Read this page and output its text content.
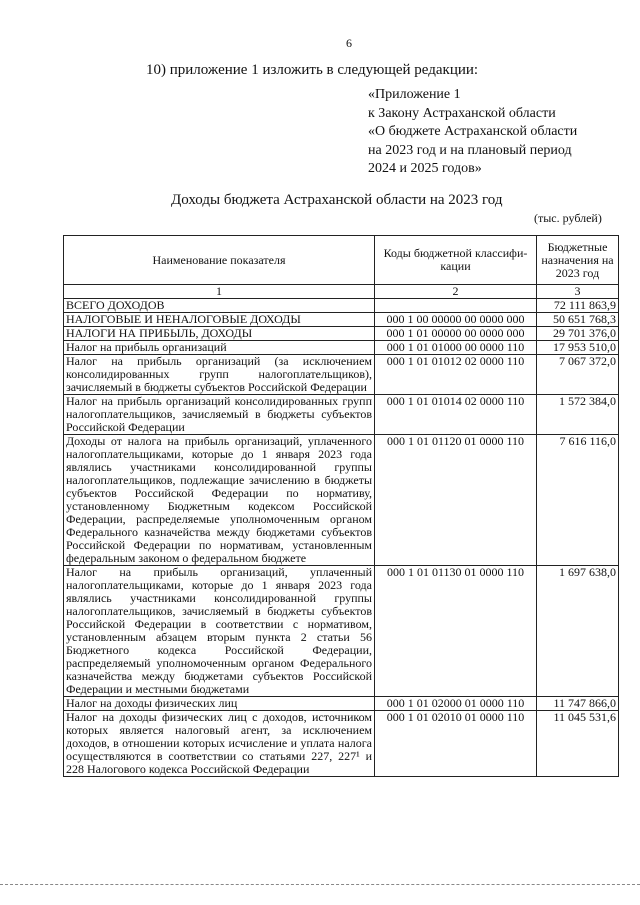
6
10) приложение 1 изложить в следующей редакции:
«Приложение 1
к Закону Астраханской области
«О бюджете Астраханской области
на 2023 год и на плановый период
2024 и 2025 годов»
Доходы бюджета Астраханской области на 2023 год
(тыс. рублей)
Наименование показателя	Коды бюджетной классифи-кации	Бюджетные назначения на 2023 год
1	2	3
ВСЕГО ДОХОДОВ		72 111 863,9
НАЛОГОВЫЕ И НЕНАЛОГОВЫЕ ДОХОДЫ	000 1 00 00000 00 0000 000	50 651 768,3
НАЛОГИ НА ПРИБЫЛЬ, ДОХОДЫ	000 1 01 00000 00 0000 000	29 701 376,0
Налог на прибыль организаций	000 1 01 01000 00 0000 110	17 953 510,0
Налог на прибыль организаций (за исключением консолидированных групп налогоплательщиков), зачисляемый в бюджеты субъектов Российской Федерации	000 1 01 01012 02 0000 110	7 067 372,0
Налог на прибыль организаций консолидированных групп налогоплательщиков, зачисляемый в бюджеты субъектов Российской Федерации	000 1 01 01014 02 0000 110	1 572 384,0
Доходы от налога на прибыль организаций, уплаченного налогоплательщиками, которые до 1 января 2023 года являлись участниками консолидированной группы налогоплательщиков, подлежащие зачислению в бюджеты субъектов Российской Федерации по нормативу, установленному Бюджетным кодексом Российской Федерации, распределяемые уполномоченным органом Федерального казначейства между бюджетами субъектов Российской Федерации по нормативам, установленным федеральным законом о федеральном бюджете	000 1 01 01120 01 0000 110	7 616 116,0
Налог на прибыль организаций, уплаченный налогоплательщиками, которые до 1 января 2023 года являлись участниками консолидированной группы налогоплательщиков, зачисляемый в бюджеты субъектов Российской Федерации в соответствии с нормативом, установленным абзацем вторым пункта 2 статьи 56 Бюджетного кодекса Российской Федерации, распределяемый уполномоченным органом Федерального казначейства между бюджетами субъектов Российской Федерации и местными бюджетами	000 1 01 01130 01 0000 110	1 697 638,0
Налог на доходы физических лиц	000 1 01 02000 01 0000 110	11 747 866,0
Налог на доходы физических лиц с доходов, источником которых является налоговый агент, за исключением доходов, в отношении которых исчисление и уплата налога осуществляются в соответствии со статьями 227, 227¹ и 228 Налогового кодекса Российской Федерации	000 1 01 02010 01 0000 110	11 045 531,6
